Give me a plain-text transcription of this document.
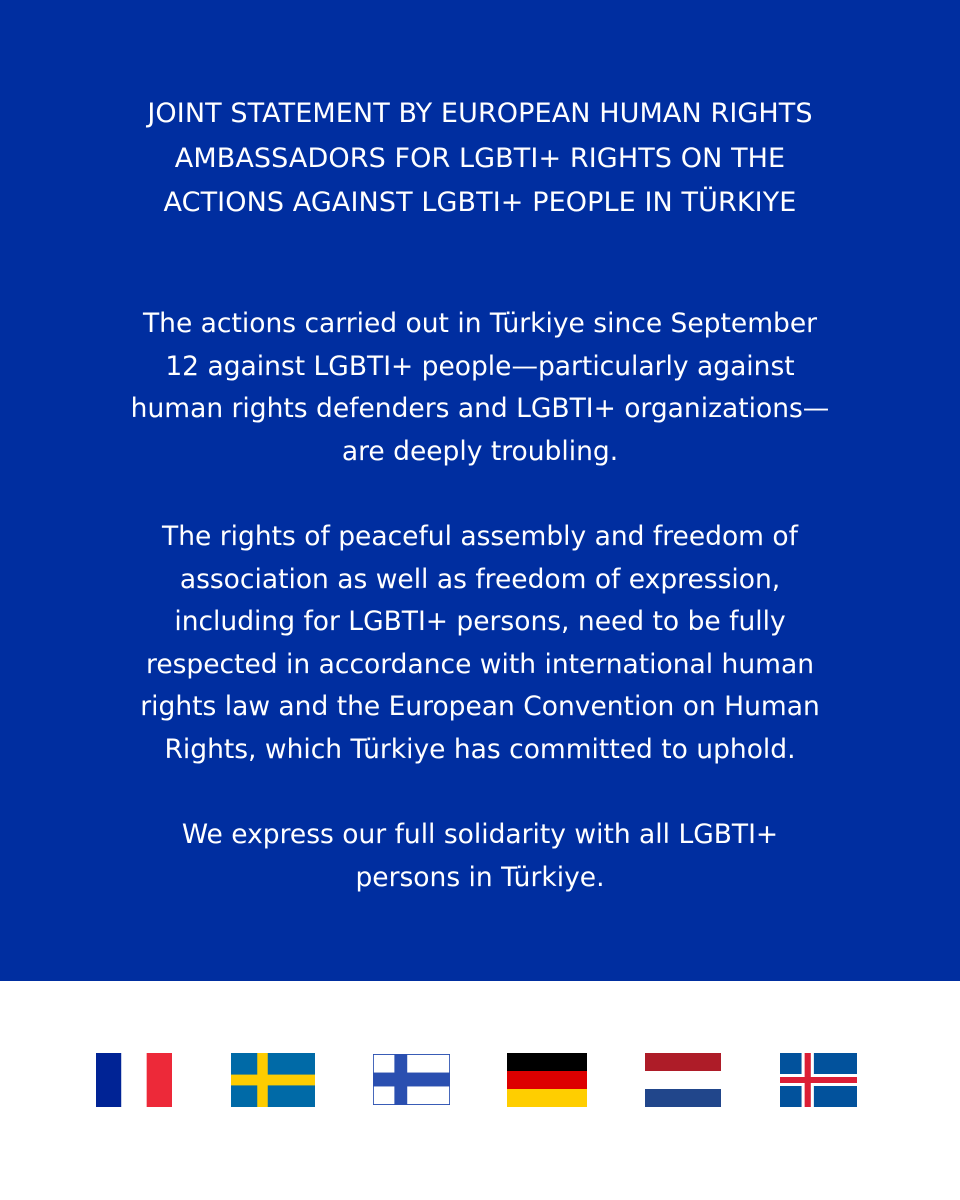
JOINT STATEMENT BY EUROPEAN HUMAN RIGHTS
AMBASSADORS FOR LGBTI+ RIGHTS ON THE
ACTIONS AGAINST LGBTI+ PEOPLE IN TÜRKIYE

The actions carried out in Türkiye since September
12 against LGBTI+ people—particularly against
human rights defenders and LGBTI+ organizations—
are deeply troubling.

The rights of peaceful assembly and freedom of
association as well as freedom of expression,
including for LGBTI+ persons, need to be fully
respected in accordance with international human
rights law and the European Convention on Human
Rights, which Türkiye has committed to uphold.

We express our full solidarity with all LGBTI+
persons in Türkiye.
